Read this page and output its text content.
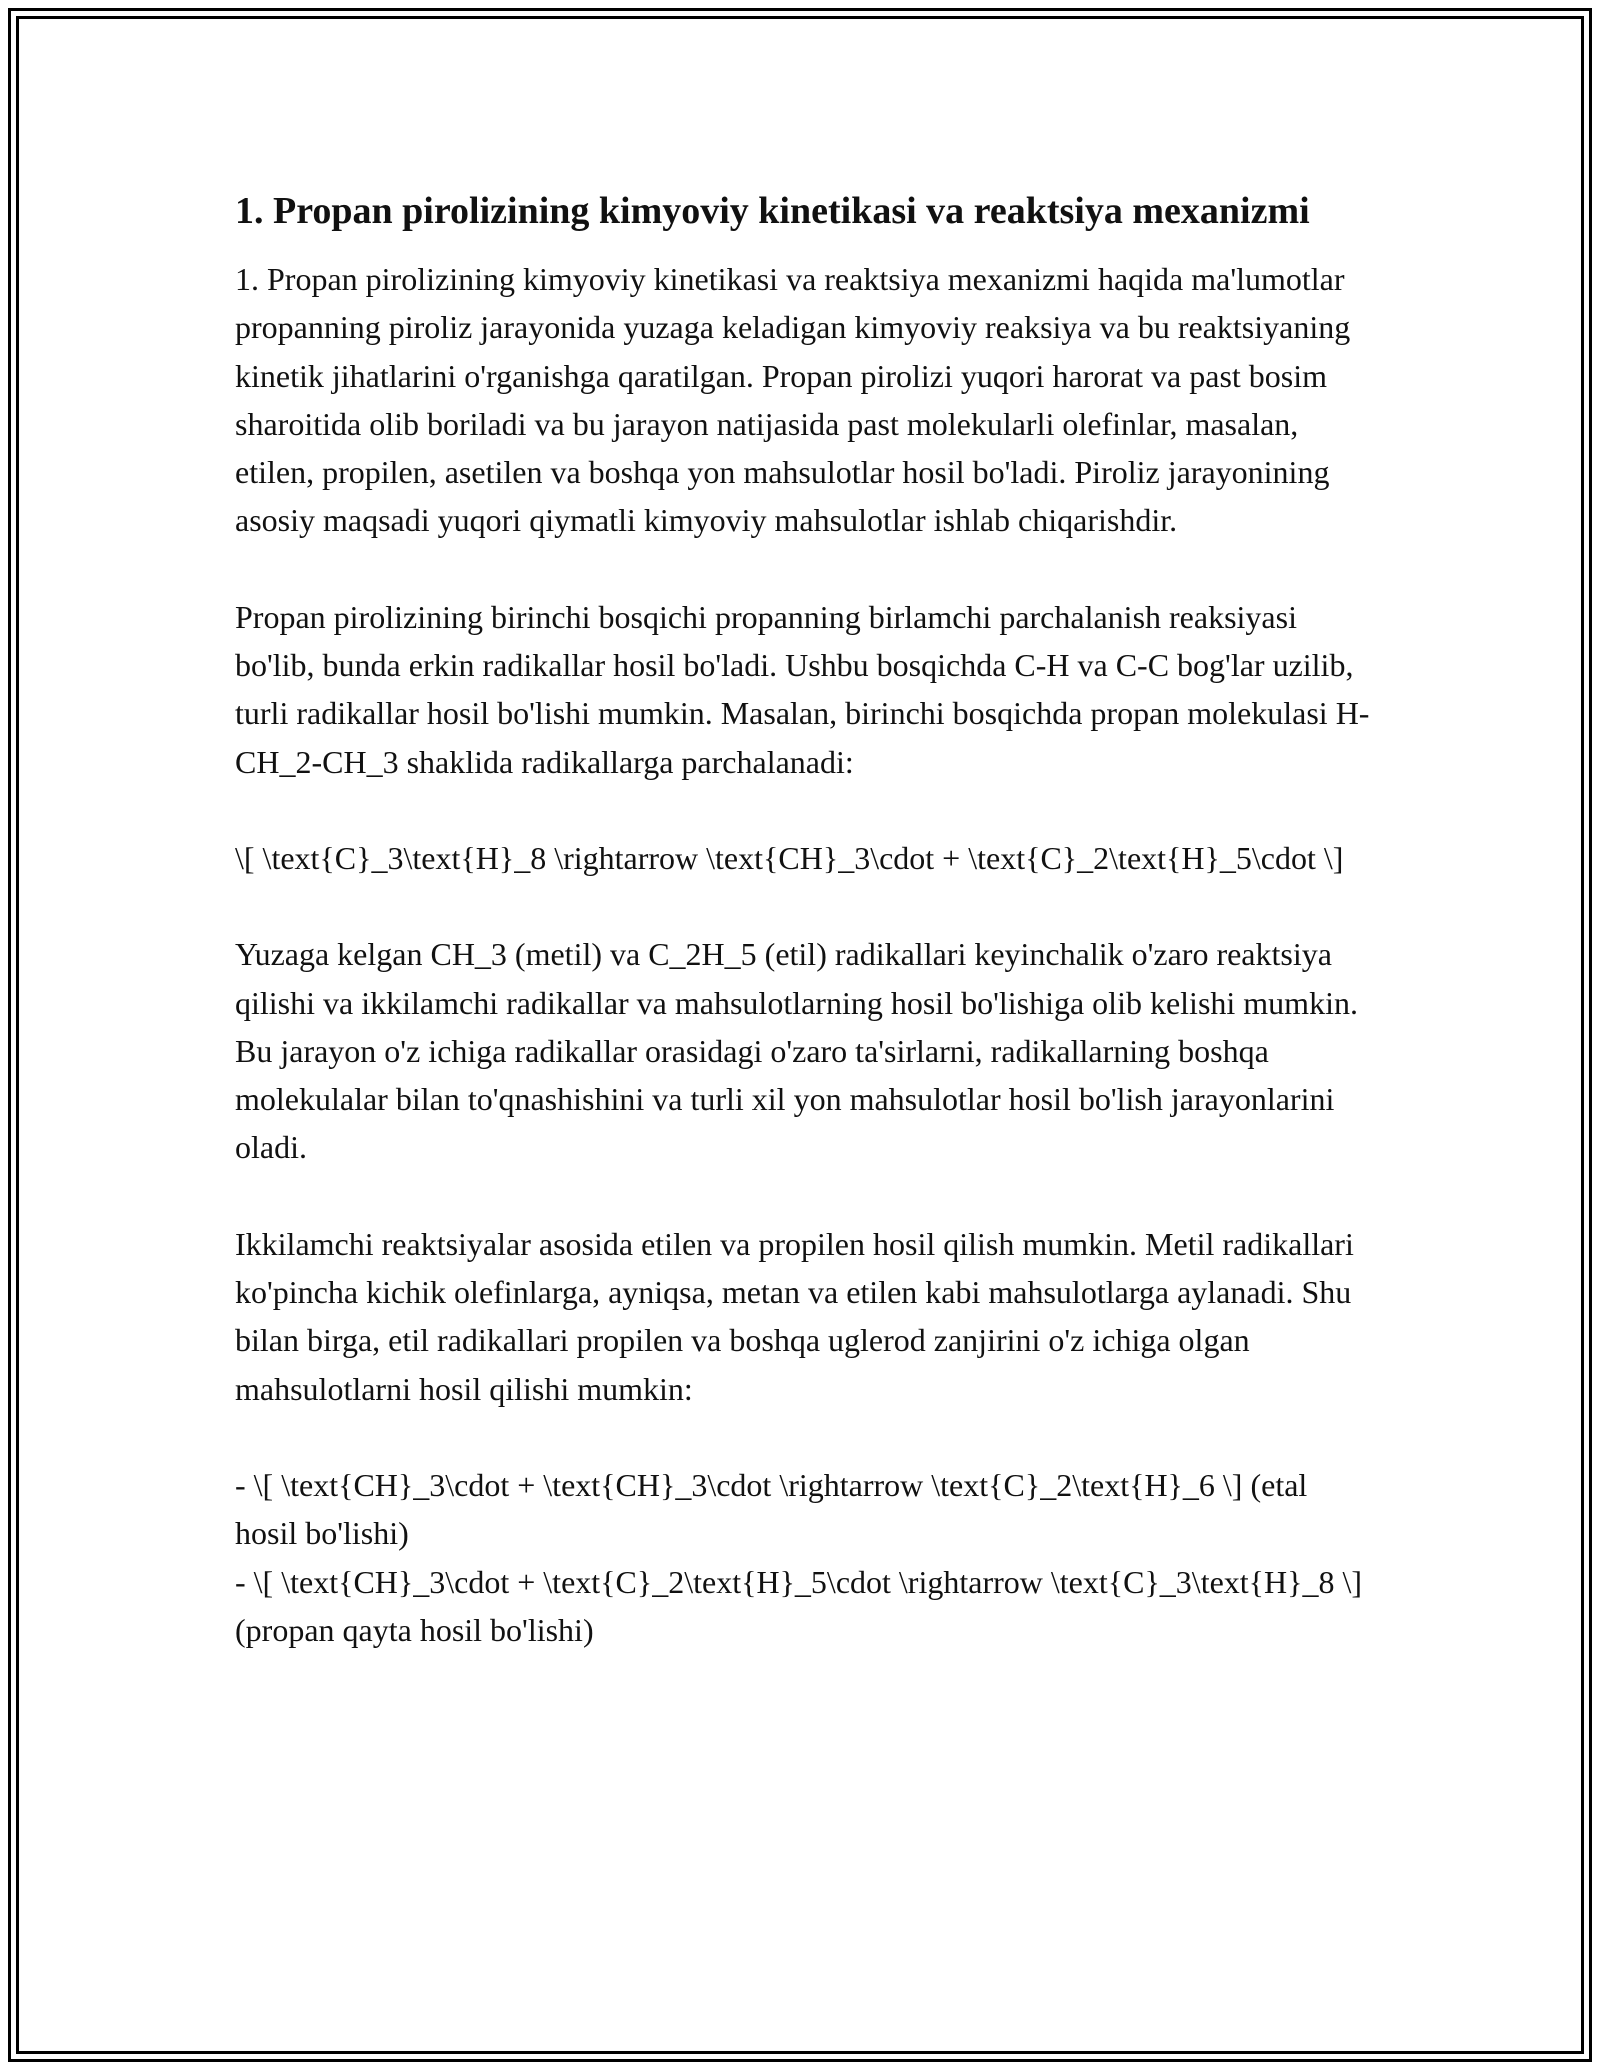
1. Propan pirolizining kimyoviy kinetikasi va reaktsiya mexanizmi

1. Propan pirolizining kimyoviy kinetikasi va reaktsiya mexanizmi haqida ma'lumotlar propanning piroliz jarayonida yuzaga keladigan kimyoviy reaksiya va bu reaktsiyaning kinetik jihatlarini o'rganishga qaratilgan. Propan pirolizi yuqori harorat va past bosim sharoitida olib boriladi va bu jarayon natijasida past molekularli olefinlar, masalan, etilen, propilen, asetilen va boshqa yon mahsulotlar hosil bo'ladi. Piroliz jarayonining asosiy maqsadi yuqori qiymatli kimyoviy mahsulotlar ishlab chiqarishdir.

Propan pirolizining birinchi bosqichi propanning birlamchi parchalanish reaksiyasi bo'lib, bunda erkin radikallar hosil bo'ladi. Ushbu bosqichda C-H va C-C bog'lar uzilib, turli radikallar hosil bo'lishi mumkin. Masalan, birinchi bosqichda propan molekulasi H-CH_2-CH_3 shaklida radikallarga parchalanadi:

\[ \text{C}_3\text{H}_8 \rightarrow \text{CH}_3\cdot + \text{C}_2\text{H}_5\cdot \]

Yuzaga kelgan CH_3 (metil) va C_2H_5 (etil) radikallari keyinchalik o'zaro reaktsiya qilishi va ikkilamchi radikallar va mahsulotlarning hosil bo'lishiga olib kelishi mumkin. Bu jarayon o'z ichiga radikallar orasidagi o'zaro ta'sirlarni, radikallarning boshqa molekulalar bilan to'qnashishini va turli xil yon mahsulotlar hosil bo'lish jarayonlarini oladi.

Ikkilamchi reaktsiyalar asosida etilen va propilen hosil qilish mumkin. Metil radikallari ko'pincha kichik olefinlarga, ayniqsa, metan va etilen kabi mahsulotlarga aylanadi. Shu bilan birga, etil radikallari propilen va boshqa uglerod zanjirini o'z ichiga olgan mahsulotlarni hosil qilishi mumkin:

- \[ \text{CH}_3\cdot + \text{CH}_3\cdot \rightarrow \text{C}_2\text{H}_6 \] (etal hosil bo'lishi)

- \[ \text{CH}_3\cdot + \text{C}_2\text{H}_5\cdot \rightarrow \text{C}_3\text{H}_8 \] (propan qayta hosil bo'lishi)
